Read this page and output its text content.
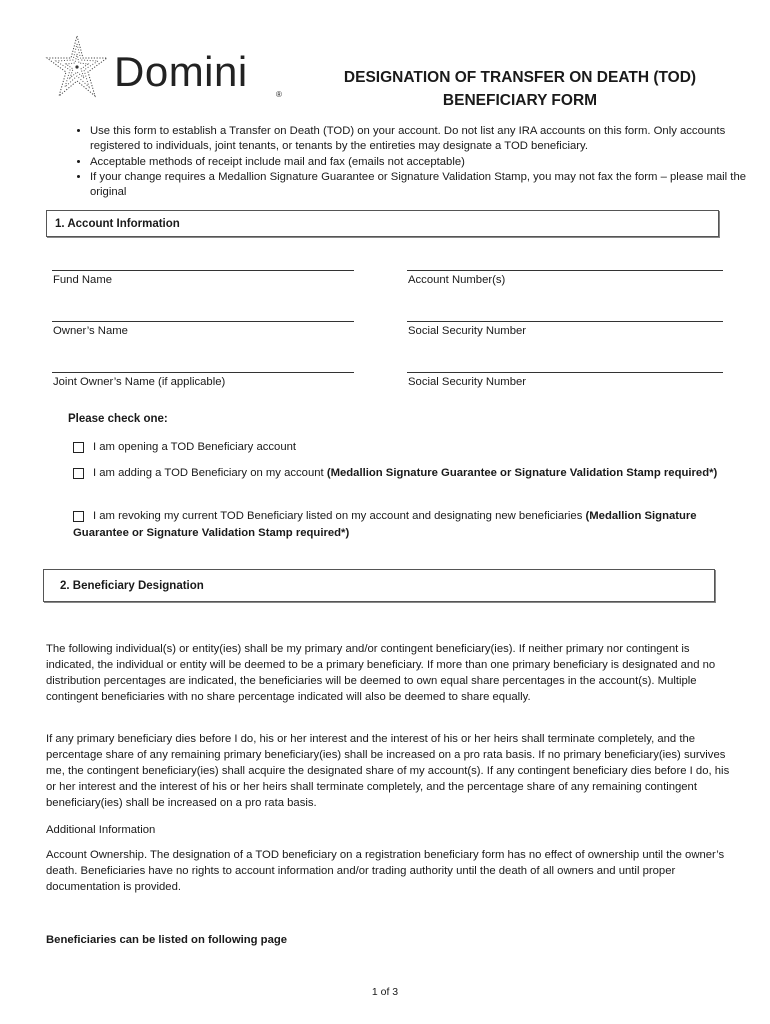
Domini	®
DESIGNATION OF TRANSFER ON DEATH (TOD)
BENEFICIARY FORM
• Use this form to establish a Transfer on Death (TOD) on your account. Do not list any IRA accounts on this form. Only accounts registered to individuals, joint tenants, or tenants by the entireties may designate a TOD beneficiary.
• Acceptable methods of receipt include mail and fax (emails not acceptable)
• If your change requires a Medallion Signature Guarantee or Signature Validation Stamp, you may not fax the form – please mail the original
1. Account Information
Fund Name	Account Number(s)
Owner’s Name	Social Security Number
Joint Owner’s Name (if applicable)	Social Security Number
Please check one:
I am opening a TOD Beneficiary account
I am adding a TOD Beneficiary on my account (Medallion Signature Guarantee or Signature Validation Stamp required*)
I am revoking my current TOD Beneficiary listed on my account and designating new beneficiaries (Medallion Signature Guarantee or Signature Validation Stamp required*)
2. Beneficiary Designation

The following individual(s) or entity(ies) shall be my primary and/or contingent beneficiary(ies). If neither primary nor contingent is indicated, the individual or entity will be deemed to be a primary beneficiary. If more than one primary beneficiary is designated and no distribution percentages are indicated, the beneficiaries will be deemed to own equal share percentages in the account(s). Multiple contingent beneficiaries with no share percentage indicated will also be deemed to share equally.

If any primary beneficiary dies before I do, his or her interest and the interest of his or her heirs shall terminate completely, and the percentage share of any remaining primary beneficiary(ies) shall be increased on a pro rata basis. If no primary beneficiary(ies) survives me, the contingent beneficiary(ies) shall acquire the designated share of my account(s). If any contingent beneficiary dies before I do, his or her interest and the interest of his or her heirs shall terminate completely, and the percentage share of any remaining contingent beneficiary(ies) shall be increased on a pro rata basis.

Additional Information

Account Ownership. The designation of a TOD beneficiary on a registration beneficiary form has no effect of ownership until the owner’s death. Beneficiaries have no rights to account information and/or trading authority until the death of all owners and until proper documentation is provided.

Beneficiaries can be listed on following page

1 of 3
